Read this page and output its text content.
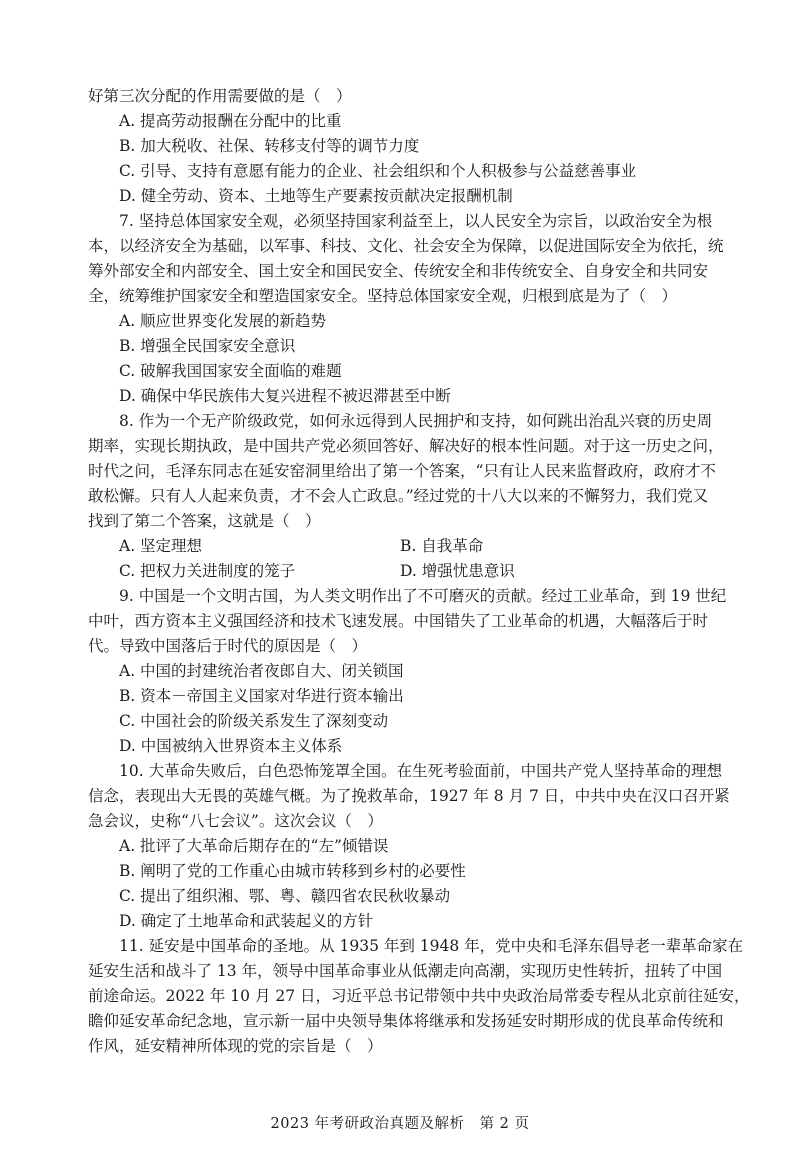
好第三次分配的作用需要做的是（　）
A. 提高劳动报酬在分配中的比重
B. 加大税收、社保、转移支付等的调节力度
C. 引导、支持有意愿有能力的企业、社会组织和个人积极参与公益慈善事业
D. 健全劳动、资本、土地等生产要素按贡献决定报酬机制
7. 坚持总体国家安全观，必须坚持国家利益至上，以人民安全为宗旨，以政治安全为根
本，以经济安全为基础，以军事、科技、文化、社会安全为保障，以促进国际安全为依托，统
筹外部安全和内部安全、国土安全和国民安全、传统安全和非传统安全、自身安全和共同安
全，统筹维护国家安全和塑造国家安全。坚持总体国家安全观，归根到底是为了（　）
A. 顺应世界变化发展的新趋势
B. 增强全民国家安全意识
C. 破解我国国家安全面临的难题
D. 确保中华民族伟大复兴进程不被迟滞甚至中断
8. 作为一个无产阶级政党，如何永远得到人民拥护和支持，如何跳出治乱兴衰的历史周
期率，实现长期执政，是中国共产党必须回答好、解决好的根本性问题。对于这一历史之问，
时代之问，毛泽东同志在延安窑洞里给出了第一个答案，“只有让人民来监督政府，政府才不
敢松懈。只有人人起来负责，才不会人亡政息。”经过党的十八大以来的不懈努力，我们党又
找到了第二个答案，这就是（　）
A. 坚定理想	B. 自我革命
C. 把权力关进制度的笼子	D. 增强忧患意识
9. 中国是一个文明古国，为人类文明作出了不可磨灭的贡献。经过工业革命，到 19 世纪
中叶，西方资本主义强国经济和技术飞速发展。中国错失了工业革命的机遇，大幅落后于时
代。导致中国落后于时代的原因是（　）
A. 中国的封建统治者夜郎自大、闭关锁国
B. 资本－帝国主义国家对华进行资本输出
C. 中国社会的阶级关系发生了深刻变动
D. 中国被纳入世界资本主义体系
10. 大革命失败后，白色恐怖笼罩全国。在生死考验面前，中国共产党人坚持革命的理想
信念，表现出大无畏的英雄气概。为了挽救革命，1927 年 8 月 7 日，中共中央在汉口召开紧
急会议，史称“八七会议”。这次会议（　）
A. 批评了大革命后期存在的“左”倾错误
B. 阐明了党的工作重心由城市转移到乡村的必要性
C. 提出了组织湘、鄂、粤、赣四省农民秋收暴动
D. 确定了土地革命和武装起义的方针
11. 延安是中国革命的圣地。从 1935 年到 1948 年，党中央和毛泽东倡导老一辈革命家在
延安生活和战斗了 13 年，领导中国革命事业从低潮走向高潮，实现历史性转折，扭转了中国
前途命运。2022 年 10 月 27 日，习近平总书记带领中共中央政治局常委专程从北京前往延安，
瞻仰延安革命纪念地，宣示新一届中央领导集体将继承和发扬延安时期形成的优良革命传统和
作风，延安精神所体现的党的宗旨是（　）
2023 年考研政治真题及解析　第 2 页
